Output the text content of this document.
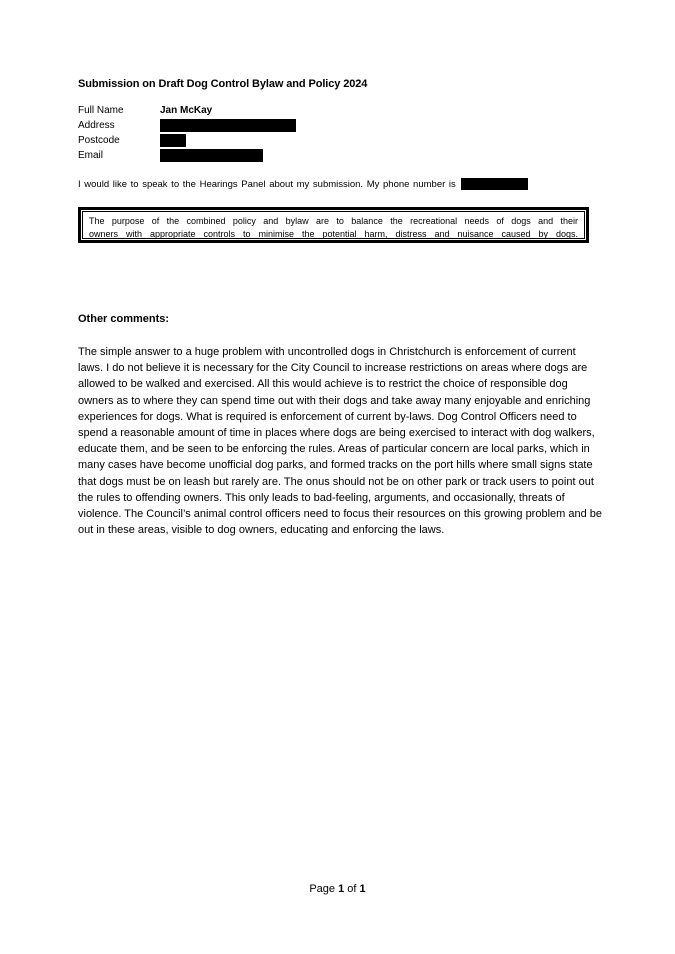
Submission on Draft Dog Control Bylaw and Policy 2024
Full Name	Jan McKay
Address
Postcode
Email
I would like to speak to the Hearings Panel about my submission. My phone number is
The purpose of the combined policy and bylaw are to balance the recreational needs of dogs and their
owners with appropriate controls to minimise the potential harm, distress and nuisance caused by dogs.
Other comments:
The simple answer to a huge problem with uncontrolled dogs in Christchurch is enforcement of current laws. I do not believe it is necessary for the City Council to increase restrictions on areas where dogs are allowed to be walked and exercised. All this would achieve is to restrict the choice of responsible dog owners as to where they can spend time out with their dogs and take away many enjoyable and enriching experiences for dogs. What is required is enforcement of current by-laws. Dog Control Officers need to spend a reasonable amount of time in places where dogs are being exercised to interact with dog walkers, educate them, and be seen to be enforcing the rules. Areas of particular concern are local parks, which in many cases have become unofficial dog parks, and formed tracks on the port hills where small signs state that dogs must be on leash but rarely are. The onus should not be on other park or track users to point out the rules to offending owners. This only leads to bad-feeling, arguments, and occasionally, threats of violence. The Council’s animal control officers need to focus their resources on this growing problem and be out in these areas, visible to dog owners, educating and enforcing the laws.
Page 1 of 1
